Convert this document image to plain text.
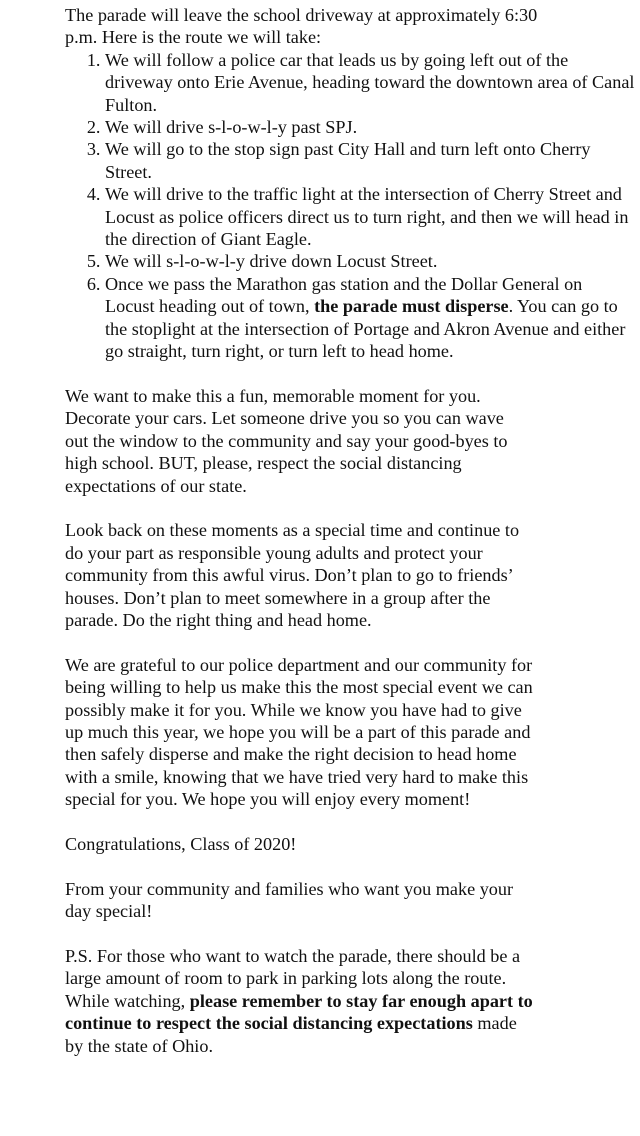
The parade will leave the school driveway at approximately 6:30
p.m. Here is the route we will take:

1. We will follow a police car that leads us by going left out of the driveway onto Erie Avenue, heading toward the downtown area of Canal Fulton.
2. We will drive s-l-o-w-l-y past SPJ.
3. We will go to the stop sign past City Hall and turn left onto Cherry Street.
4. We will drive to the traffic light at the intersection of Cherry Street and Locust as police officers direct us to turn right, and then we will head in the direction of Giant Eagle.
5. We will s-l-o-w-l-y drive down Locust Street.
6. Once we pass the Marathon gas station and the Dollar General on Locust heading out of town, the parade must disperse. You can go to the stoplight at the intersection of Portage and Akron Avenue and either go straight, turn right, or turn left to head home.

We want to make this a fun, memorable moment for you.
Decorate your cars. Let someone drive you so you can wave
out the window to the community and say your good-byes to
high school. BUT, please, respect the social distancing
expectations of our state.

Look back on these moments as a special time and continue to
do your part as responsible young adults and protect your
community from this awful virus. Don’t plan to go to friends’
houses. Don’t plan to meet somewhere in a group after the
parade. Do the right thing and head home.

We are grateful to our police department and our community for
being willing to help us make this the most special event we can
possibly make it for you. While we know you have had to give
up much this year, we hope you will be a part of this parade and
then safely disperse and make the right decision to head home
with a smile, knowing that we have tried very hard to make this
special for you. We hope you will enjoy every moment!

Congratulations, Class of 2020!

From your community and families who want you make your
day special!

P.S. For those who want to watch the parade, there should be a
large amount of room to park in parking lots along the route.
While watching, please remember to stay far enough apart to
continue to respect the social distancing expectations made
by the state of Ohio.
